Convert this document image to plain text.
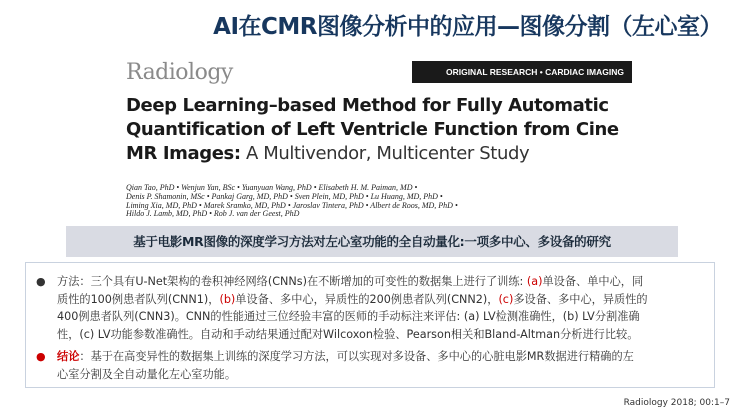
AI在CMR图像分析中的应用—图像分割（左心室）
Radiology	ORIGINAL RESEARCH • CARDIAC IMAGING
Deep Learning–based Method for Fully Automatic
Quantification of Left Ventricle Function from Cine
MR Images: A Multivendor, Multicenter Study
Qian Tao, PhD • Wenjun Yan, BSc • Yuanyuan Wang, PhD • Elisabeth H. M. Paiman, MD •
Denis P. Shamonin, MSc • Pankaj Garg, MD, PhD • Sven Plein, MD, PhD • Lu Huang, MD, PhD •
Liming Xia, MD, PhD • Marek Sramko, MD, PhD • Jaroslav Tintera, PhD • Albert de Roos, MD, PhD •
Hildo J. Lamb, MD, PhD • Rob J. van der Geest, PhD
基于电影MR图像的深度学习方法对左心室功能的全自动量化:一项多中心、多设备的研究
● 方法：三个具有U-Net架构的卷积神经网络(CNNs)在不断增加的可变性的数据集上进行了训练: (a)单设备、单中心，同
质性的100例患者队列(CNN1)，(b)单设备、多中心，异质性的200例患者队列(CNN2)，(c)多设备、多中心，异质性的
400例患者队列(CNN3)。CNN的性能通过三位经验丰富的医师的手动标注来评估: (a) LV检测准确性，(b) LV分割准确
性，(c) LV功能参数准确性。自动和手动结果通过配对Wilcoxon检验、Pearson相关和Bland-Altman分析进行比较。
● 结论：基于在高变异性的数据集上训练的深度学习方法，可以实现对多设备、多中心的心脏电影MR数据进行精确的左
心室分割及全自动量化左心室功能。
Radiology 2018; 00:1–7
